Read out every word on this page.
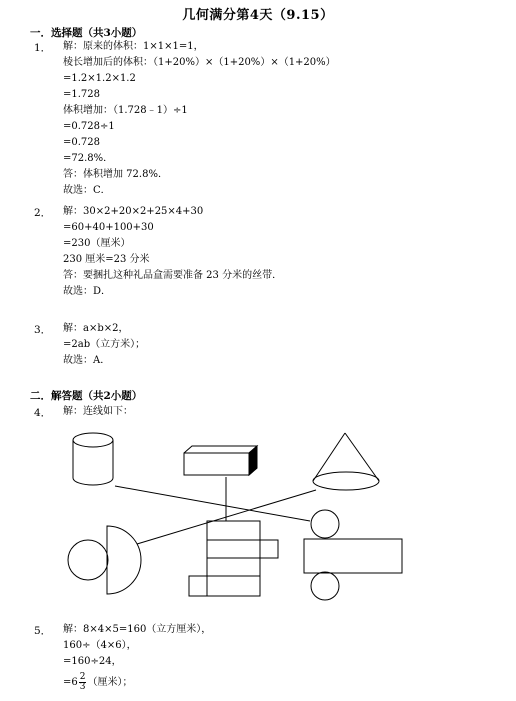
几何满分第4天（9.15）
一．选择题（共3小题）
1． 解：原来的体积：1×1×1=1，
棱长增加后的体积：（1+20%）×（1+20%）×（1+20%）
=1.2×1.2×1.2
=1.728
体积增加：（1.728﹣1）÷1
=0.728÷1
=0.728
=72.8%．
答：体积增加 72.8%．
故选：C．
2． 解：30×2+20×2+25×4+30
=60+40+100+30
=230（厘米）
230 厘米=23 分米
答：要捆扎这种礼品盒需要准备 23 分米的丝带．
故选：D．
3． 解：a×b×2，
=2ab（立方米）；
故选：A．
二．解答题（共2小题）
4． 解：连线如下：
5． 解：8×4×5=160（立方厘米），
160÷（4×6），
=160÷24，
$=6 \frac{2}{3}$ （厘米）；
